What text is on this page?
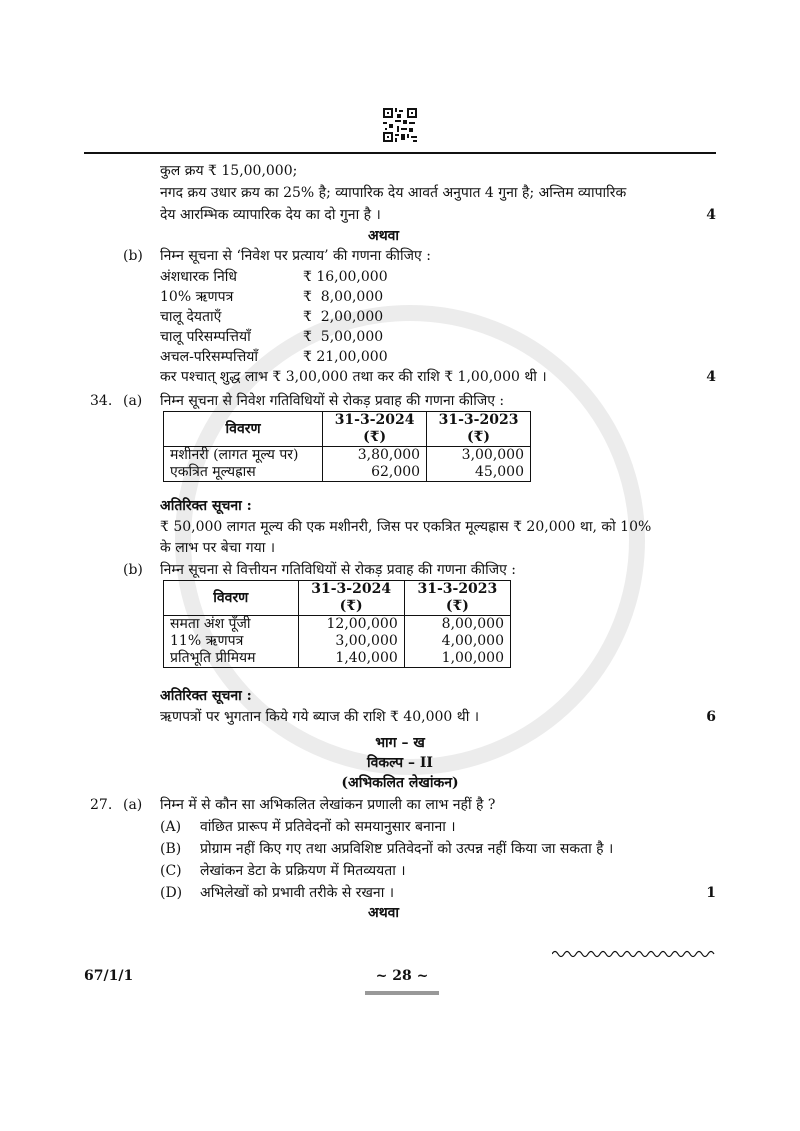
कुल क्रय ₹ 15,00,000;
नगद क्रय उधार क्रय का 25% है; व्यापारिक देय आवर्त अनुपात 4 गुना है; अन्तिम व्यापारिक
देय आरम्भिक व्यापारिक देय का दो गुना है ।	4
अथवा
(b) निम्न सूचना से ‘निवेश पर प्रत्याय’ की गणना कीजिए :
अंशधारक निधि	₹ 16,00,000
10% ऋणपत्र	₹  8,00,000
चालू देयताएँ	₹  2,00,000
चालू परिसम्पत्तियाँ	₹  5,00,000
अचल-परिसम्पत्तियाँ	₹ 21,00,000
कर पश्चात् शुद्ध लाभ ₹ 3,00,000 तथा कर की राशि ₹ 1,00,000 थी ।	4
34. (a) निम्न सूचना से निवेश गतिविधियों से रोकड़ प्रवाह की गणना कीजिए :
विवरण	31-3-2024	31-3-2023
	(₹)	(₹)
मशीनरी (लागत मूल्य पर)	3,80,000	3,00,000
एकत्रित मूल्यह्रास	62,000	45,000
अतिरिक्त सूचना :
₹ 50,000 लागत मूल्य की एक मशीनरी, जिस पर एकत्रित मूल्यह्रास ₹ 20,000 था, को 10%
के लाभ पर बेचा गया ।
(b) निम्न सूचना से वित्तीयन गतिविधियों से रोकड़ प्रवाह की गणना कीजिए :
विवरण	31-3-2024	31-3-2023
	(₹)	(₹)
समता अंश पूँजी	12,00,000	8,00,000
11% ऋणपत्र	3,00,000	4,00,000
प्रतिभूति प्रीमियम	1,40,000	1,00,000
अतिरिक्त सूचना :
ऋणपत्रों पर भुगतान किये गये ब्याज की राशि ₹ 40,000 थी ।	6
भाग – ख
विकल्प – II
(अभिकलित लेखांकन)
27. (a) निम्न में से कौन सा अभिकलित लेखांकन प्रणाली का लाभ नहीं है ?
(A) वांछित प्रारूप में प्रतिवेदनों को समयानुसार बनाना ।
(B) प्रोग्राम नहीं किए गए तथा अप्रविशिष्ट प्रतिवेदनों को उत्पन्न नहीं किया जा सकता है ।
(C) लेखांकन डेटा के प्रक्रियण में मितव्ययता ।
(D) अभिलेखों को प्रभावी तरीके से रखना ।	1
अथवा
67/1/1	~ 28 ~
